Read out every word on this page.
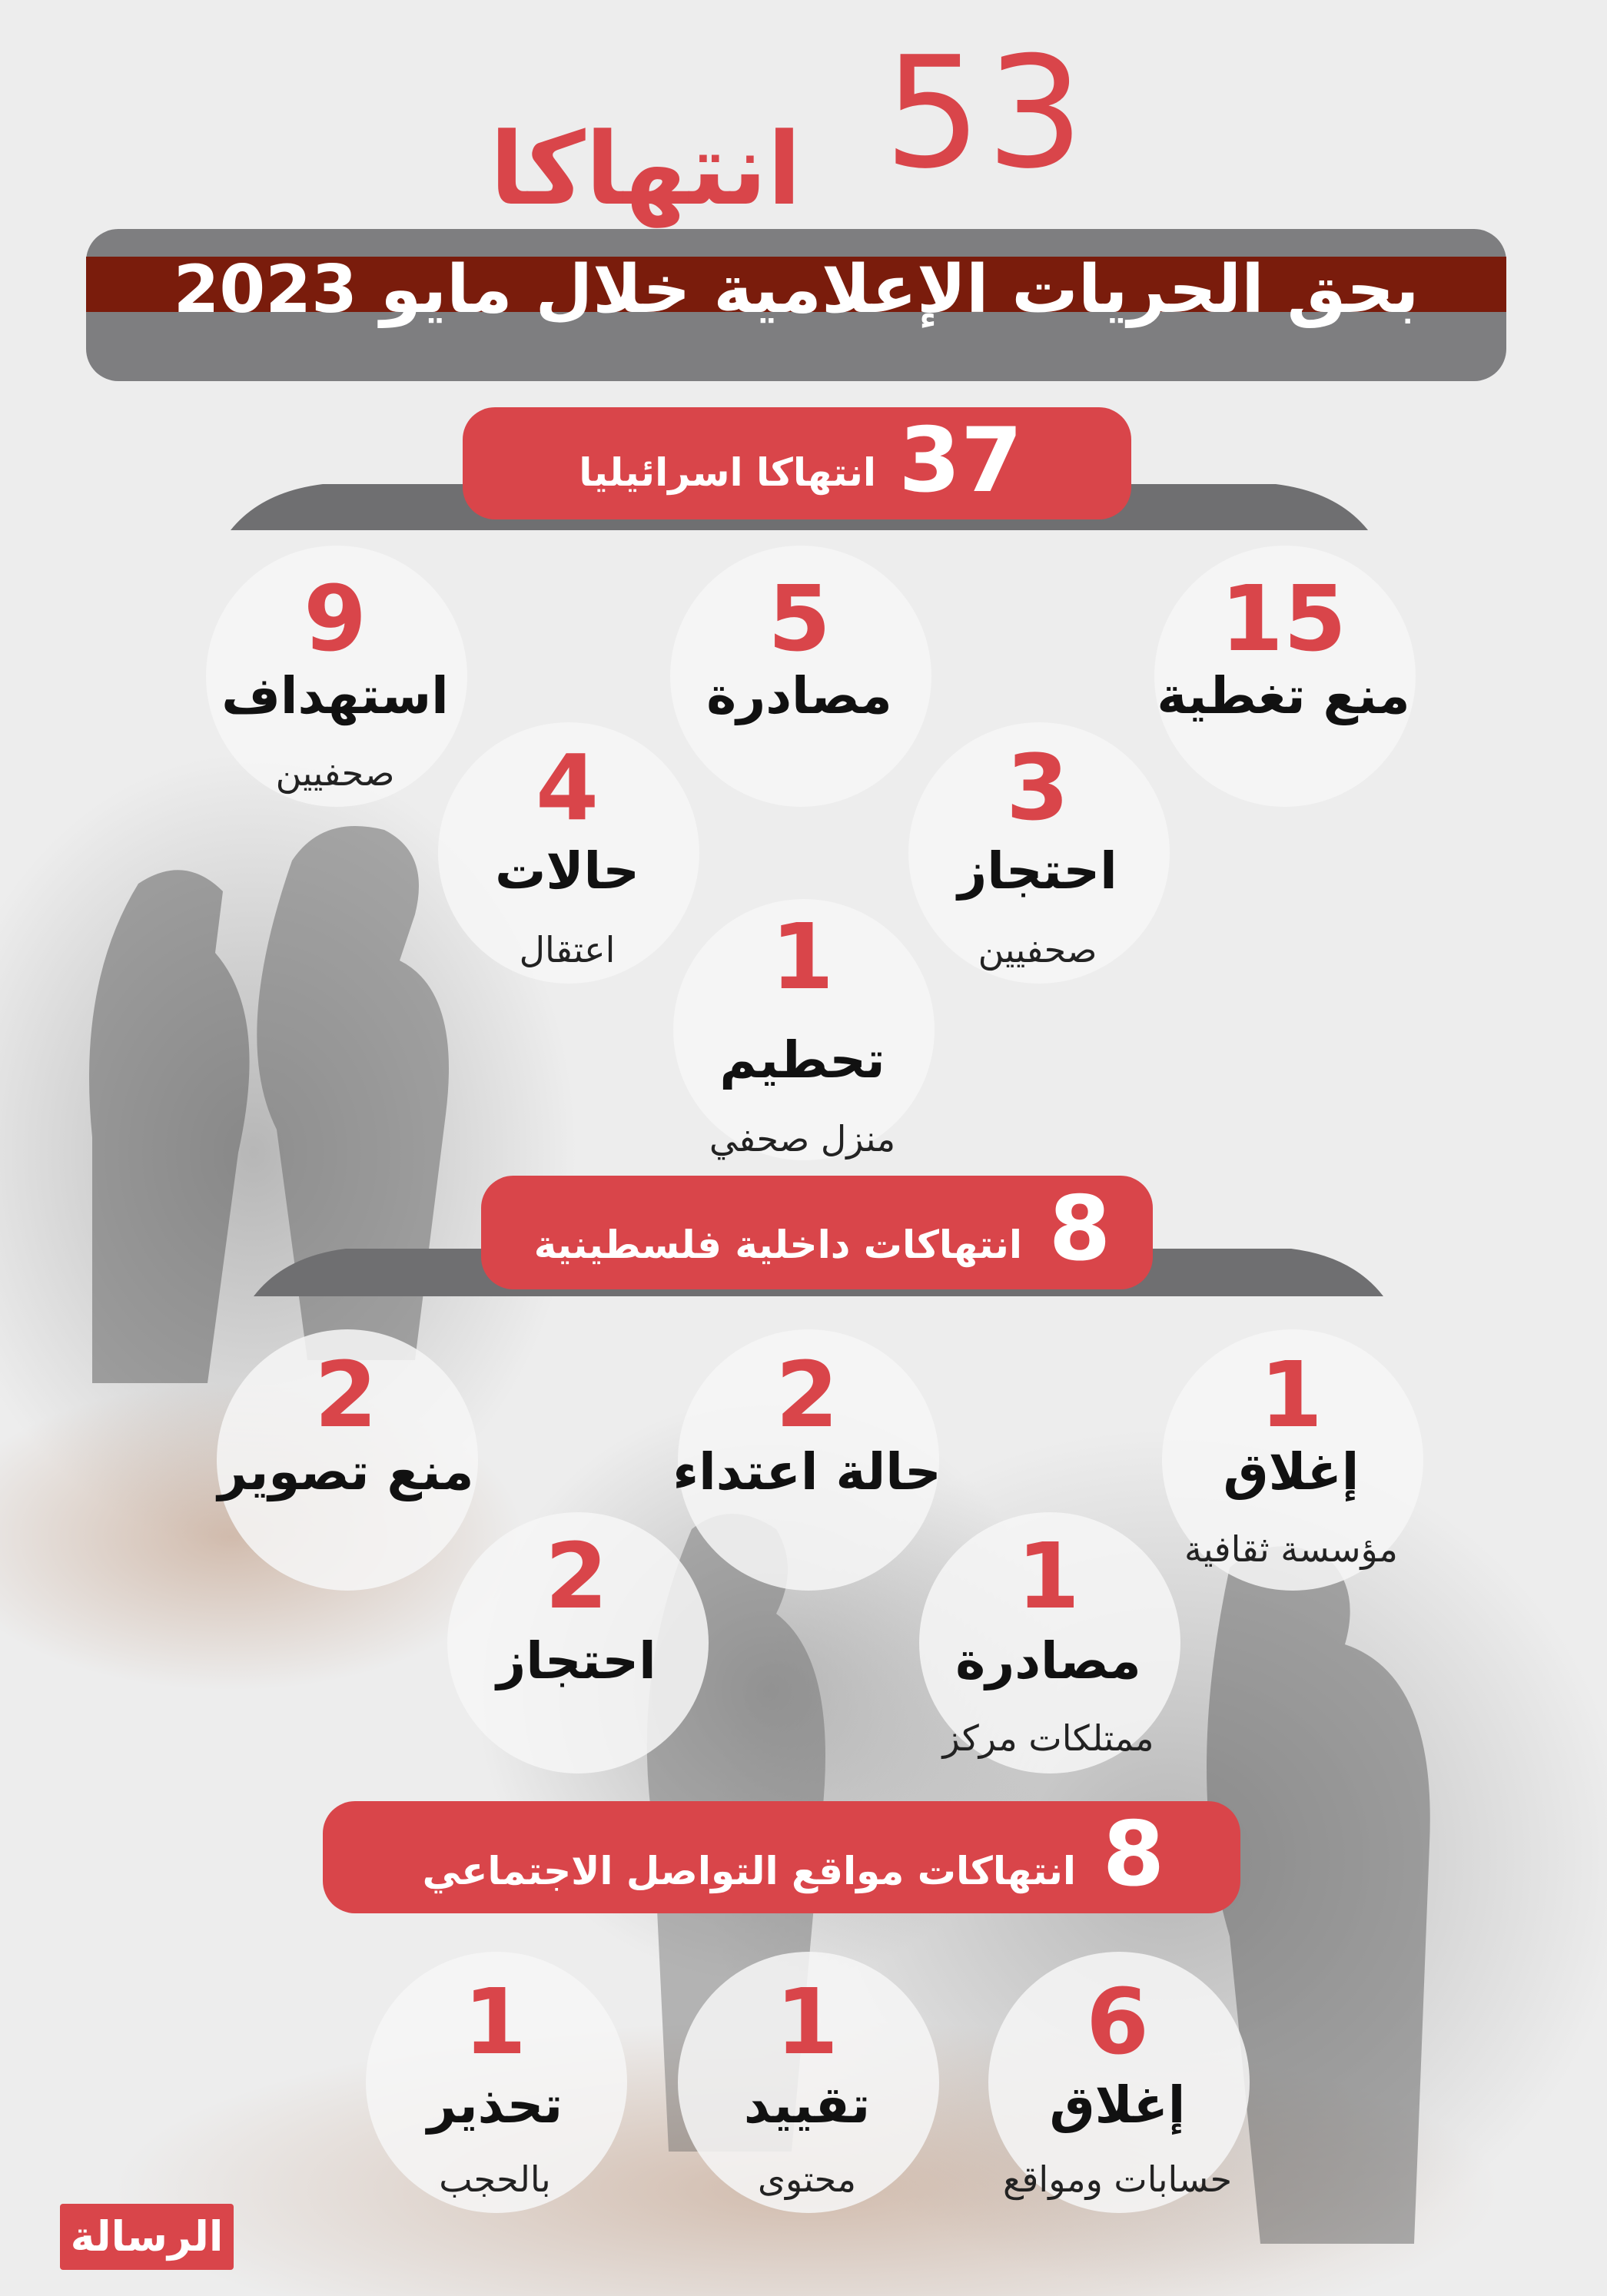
53
انتهاكا
بحق الحريات الإعلامية خلال مايو 2023
37
انتهاكا اسرائيليا
15
منع تغطية
5
مصادرة
9
استهداف
صحفيين	3
احتجاز
صحفيين
4
حالات
اعتقال	1
تحطيم
منزل صحفي
8
انتهاكات داخلية فلسطينية
1
إغلاق
مؤسسة ثقافية
2
حالة اعتداء
2
منع تصوير
1
مصادرة
ممتلكات مركز
2
احتجاز
8
انتهاكات مواقع التواصل الاجتماعي
6
إغلاق
حسابات ومواقع
1
تقييد
محتوى
1
تحذير
بالحجب
الرسالة
